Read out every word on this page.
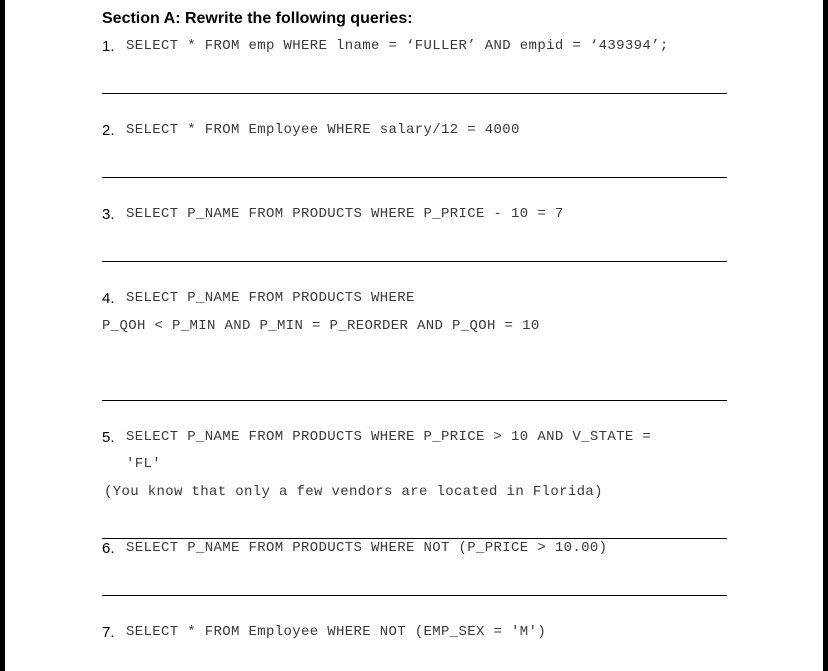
Section A: Rewrite the following queries:
1. SELECT * FROM emp WHERE lname = ‘FULLER’ AND empid = ‘439394’;
2. SELECT * FROM Employee WHERE salary/12 = 4000
3. SELECT P_NAME FROM PRODUCTS WHERE P_PRICE - 10 = 7
4. SELECT P_NAME FROM PRODUCTS WHERE
P_QOH < P_MIN AND P_MIN = P_REORDER AND P_QOH = 10
5. SELECT P_NAME FROM PRODUCTS WHERE P_PRICE > 10 AND V_STATE =
'FL'
(You know that only a few vendors are located in Florida)
6. SELECT P_NAME FROM PRODUCTS WHERE NOT (P_PRICE > 10.00)
7. SELECT * FROM Employee WHERE NOT (EMP_SEX = 'M')
